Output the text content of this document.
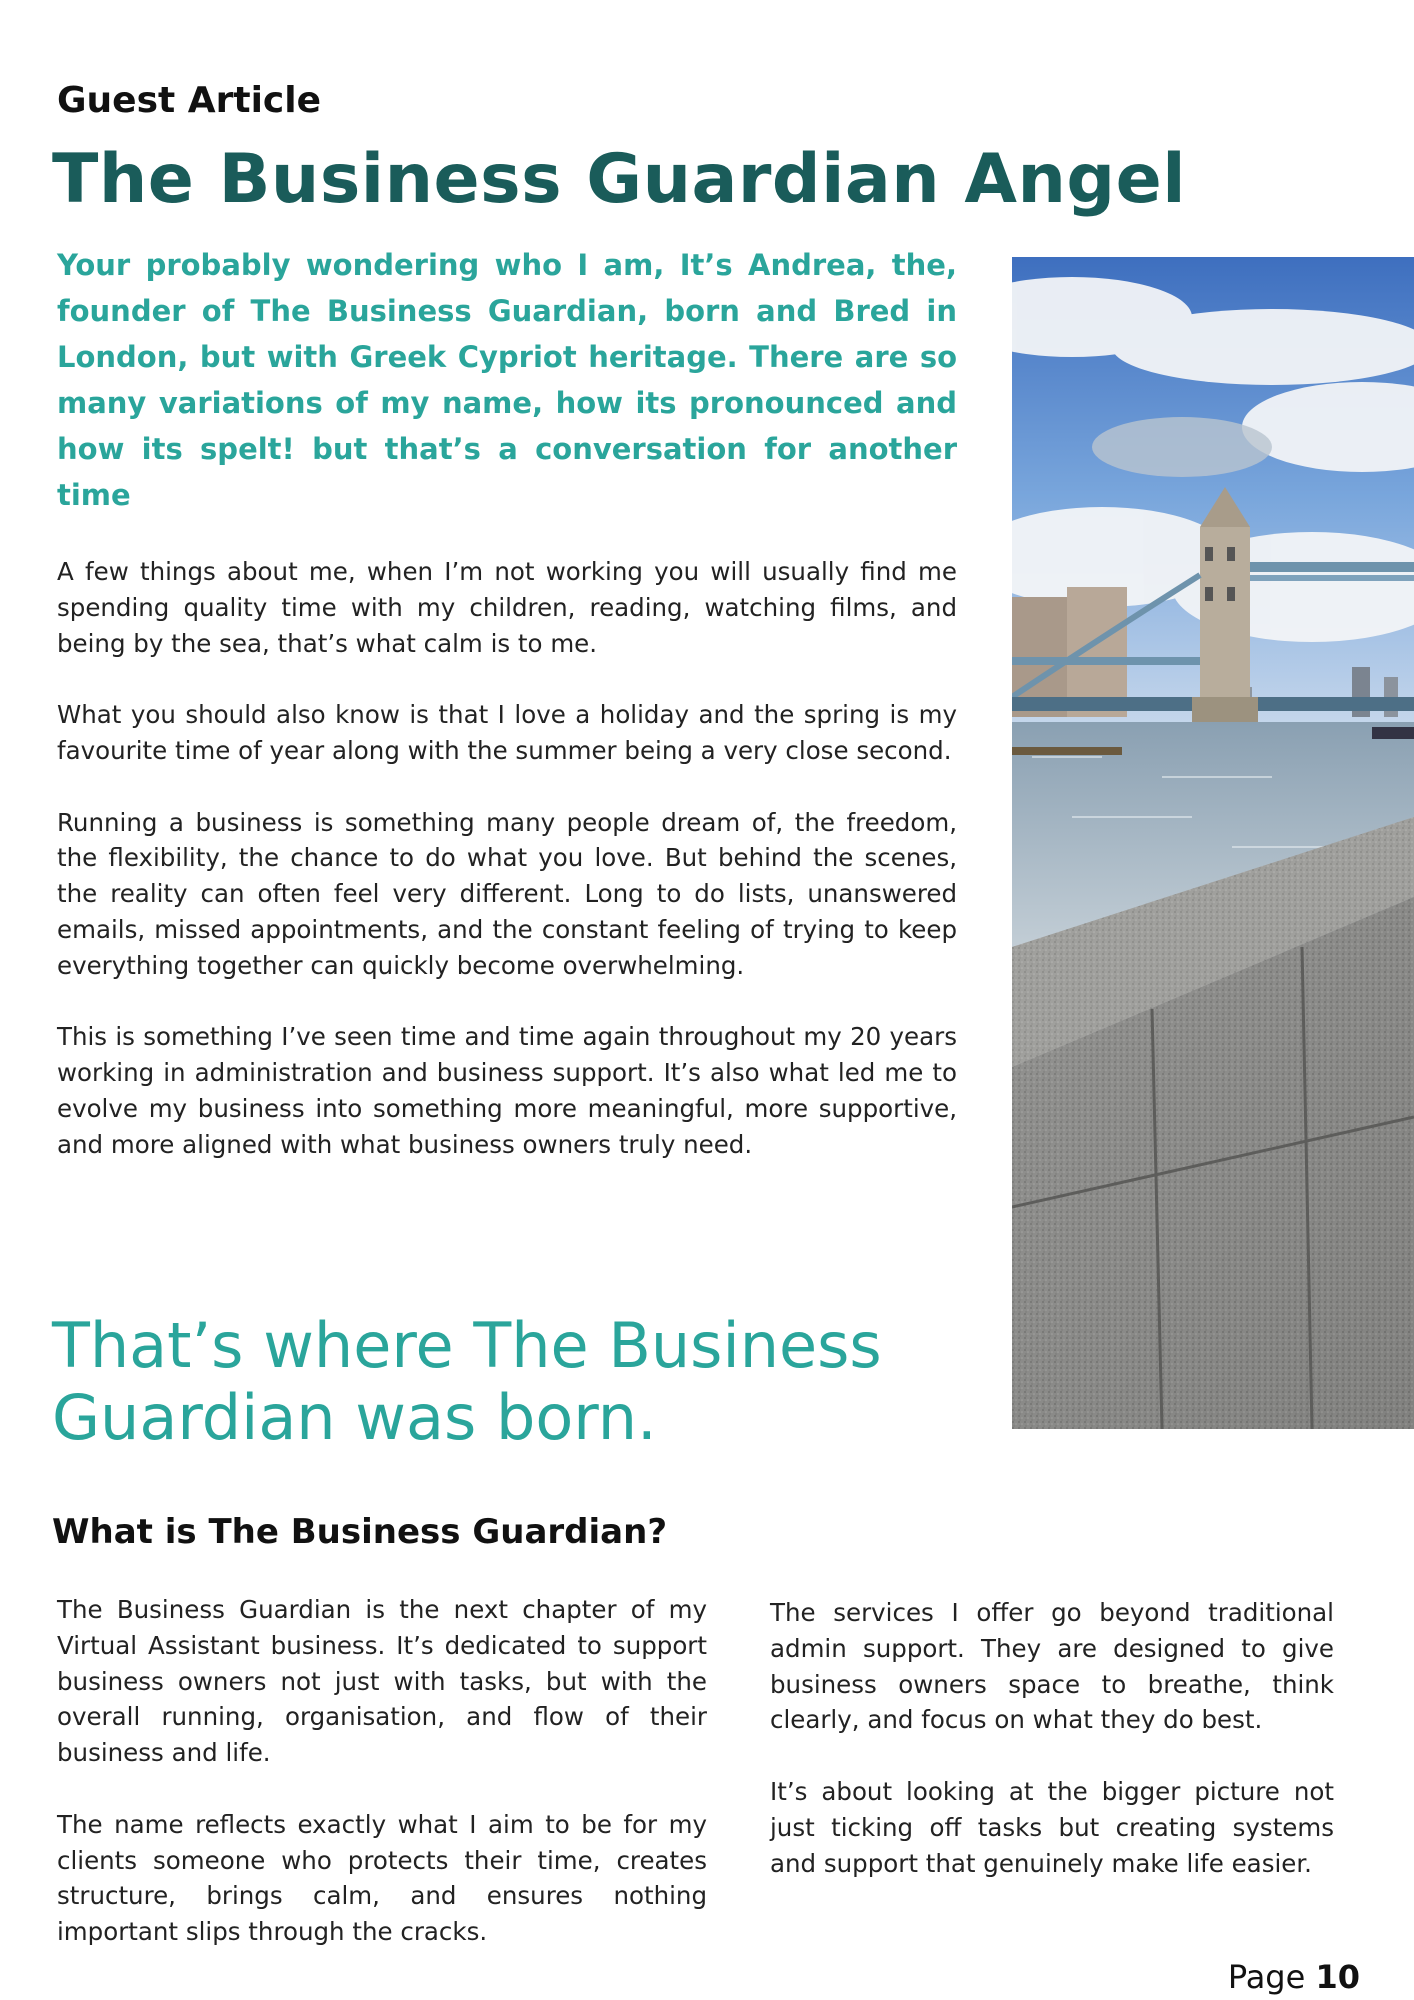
Guest Article
The Business Guardian Angel
Your probably wondering who I am, It’s Andrea, the, founder of The Business Guardian, born and Bred in London, but with Greek Cypriot heritage. There are so many variations of my name, how its pronounced and how its spelt! but that’s a conversation for another time

A few things about me, when I’m not working you will usually find me spending quality time with my children, reading, watching films, and being by the sea, that’s what calm is to me.

What you should also know is that I love a holiday and the spring is my favourite time of year along with the summer being a very close second.

Running a business is something many people dream of, the freedom, the flexibility, the chance to do what you love. But behind the scenes, the reality can often feel very different. Long to do lists, unanswered emails, missed appointments, and the constant feeling of trying to keep everything together can quickly become overwhelming.

This is something I’ve seen time and time again throughout my 20 years working in administration and business support. It’s also what led me to evolve my business into something more meaningful, more supportive, and more aligned with what business owners truly need.

That’s where The Business Guardian was born.
What is The Business Guardian?

The Business Guardian is the next chapter of my Virtual Assistant business. It’s dedicated to support business owners not just with tasks, but with the overall running, organisation, and flow of their business and life.

The name reflects exactly what I aim to be for my clients someone who protects their time, creates structure, brings calm, and ensures nothing important slips through the cracks.

The services I offer go beyond traditional admin support. They are designed to give business owners space to breathe, think clearly, and focus on what they do best.

It’s about looking at the bigger picture not just ticking off tasks but creating systems and support that genuinely make life easier.

Page 10
